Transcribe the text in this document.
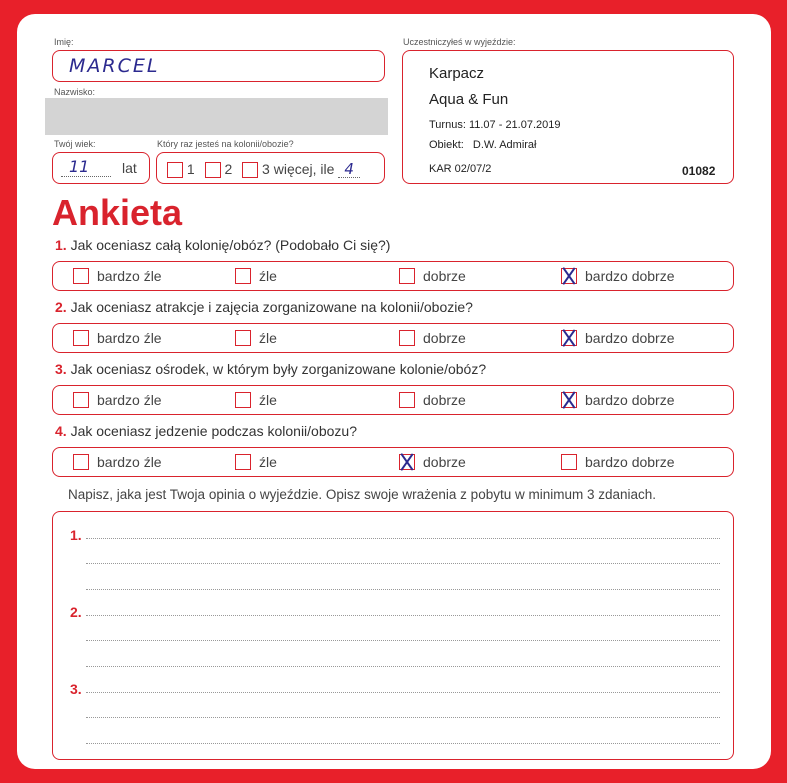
Imię:
MARCEL
Nazwisko:
Twój wiek:
11 lat
Który raz jesteś na kolonii/obozie?
1 2 3 więcej, ile 4
Uczestniczyłeś w wyjeździe:
Karpacz
Aqua & Fun
Turnus: 11.07 - 21.07.2019
Obiekt: D.W. Admirał
KAR 02/07/2	01082
Ankieta
1. Jak oceniasz całą kolonię/obóz? (Podobało Ci się?)
bardzo źle	źle	dobrze	bardzo dobrze
2. Jak oceniasz atrakcje i zajęcia zorganizowane na kolonii/obozie?
bardzo źle	źle	dobrze	bardzo dobrze
3. Jak oceniasz ośrodek, w którym były zorganizowane kolonie/obóz?
bardzo źle	źle	dobrze	bardzo dobrze
4. Jak oceniasz jedzenie podczas kolonii/obozu?
bardzo źle	źle	dobrze	bardzo dobrze
Napisz, jaka jest Twoja opinia o wyjeździe. Opisz swoje wrażenia z pobytu w minimum 3 zdaniach.
1.
2.
3.
